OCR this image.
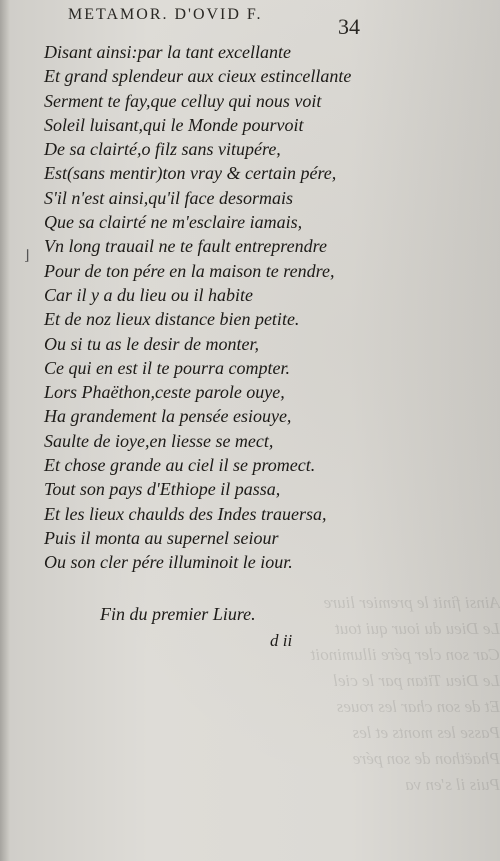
Ainsi finit le premier liure
Le Dieu du iour qui tout
Car son cler pére illuminoit
Le Dieu Titan par le ciel
Et de son char les roues
Passe les monts et les
Phaëthon de son pére
Puis il s'en va
METAMOR. D'OVID F.	34
⌋
Disant ainsi:par la tant excellante
Et grand splendeur aux cieux estincellante
Serment te fay,que celluy qui nous voit
Soleil luisant,qui le Monde pourvoit
De sa clairté,o filz sans vitupére,
Est(sans mentir)ton vray & certain pére,
S'il n'est ainsi,qu'il face desormais
Que sa clairté ne m'esclaire iamais,
Vn long trauail ne te fault entreprendre
Pour de ton pére en la maison te rendre,
Car il y a du lieu ou il habite
Et de noz lieux distance bien petite.
Ou si tu as le desir de monter,
Ce qui en est il te pourra compter.
Lors Phaëthon,ceste parole ouye,
Ha grandement la pensée esiouye,
Saulte de ioye,en liesse se mect,
Et chose grande au ciel il se promect.
Tout son pays d'Ethiope il passa,
Et les lieux chaulds des Indes trauersa,
Puis il monta au supernel seiour
Ou son cler pére illuminoit le iour.
Fin du premier Liure.
d ii
